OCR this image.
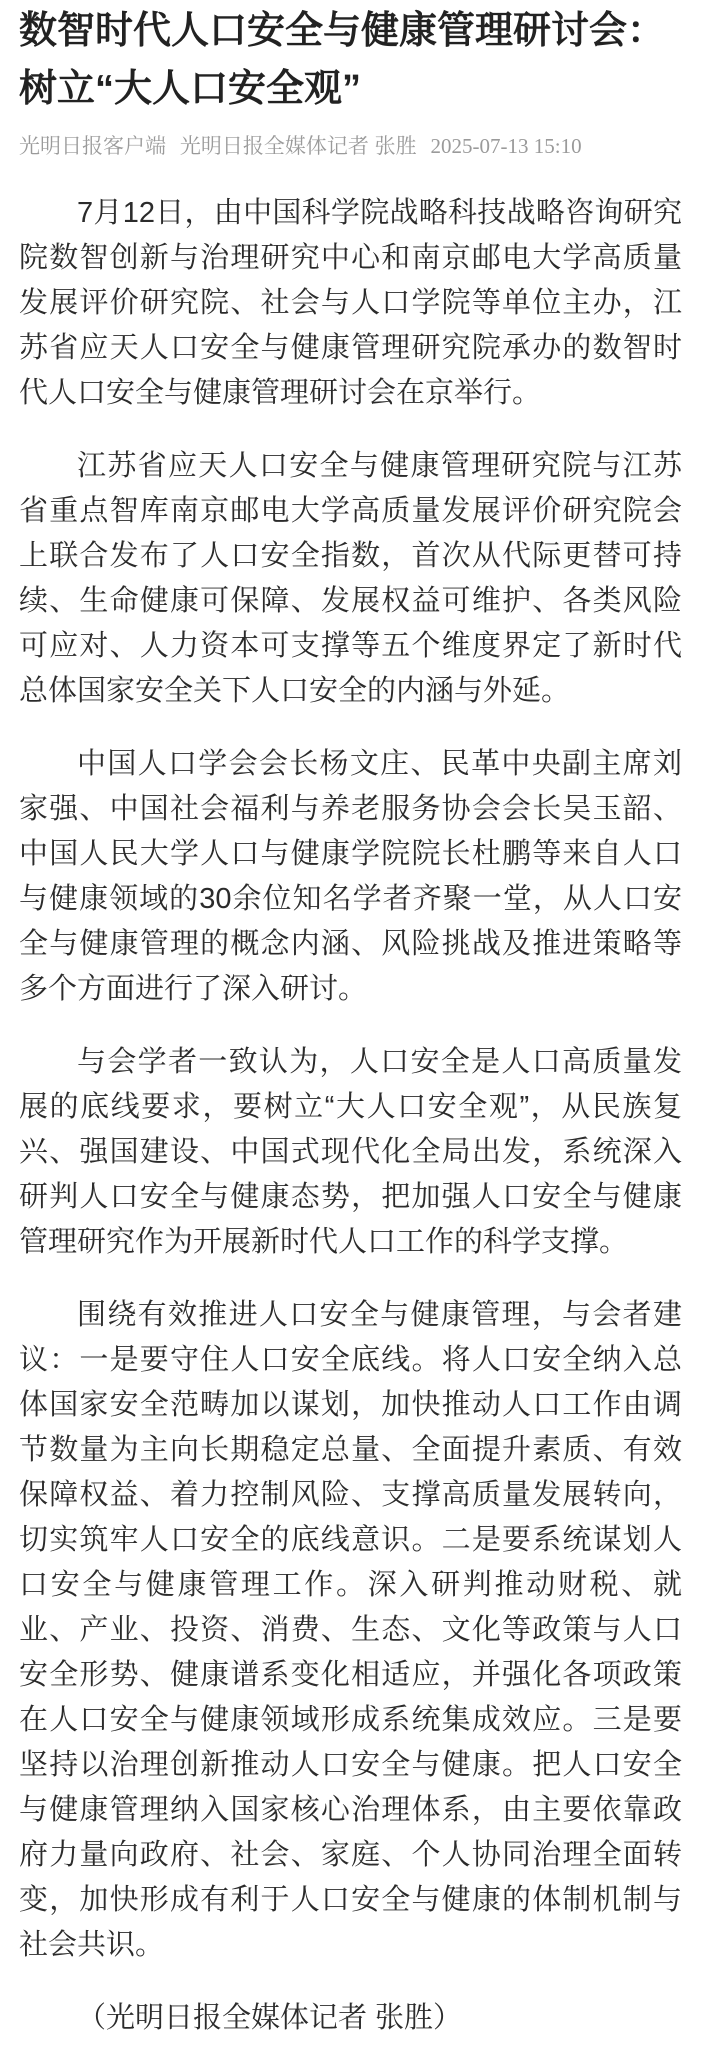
数智时代人口安全与健康管理研讨会：树立“大人口安全观”
光明日报客户端 光明日报全媒体记者 张胜 2025-07-13 15:10

7月12日，由中国科学院战略科技战略咨询研究院数智创新与治理研究中心和南京邮电大学高质量发展评价研究院、社会与人口学院等单位主办，江苏省应天人口安全与健康管理研究院承办的数智时代人口安全与健康管理研讨会在京举行。

江苏省应天人口安全与健康管理研究院与江苏省重点智库南京邮电大学高质量发展评价研究院会上联合发布了人口安全指数，首次从代际更替可持续、生命健康可保障、发展权益可维护、各类风险可应对、人力资本可支撑等五个维度界定了新时代总体国家安全关下人口安全的内涵与外延。

中国人口学会会长杨文庄、民革中央副主席刘家强、中国社会福利与养老服务协会会长吴玉韶、中国人民大学人口与健康学院院长杜鹏等来自人口与健康领域的30余位知名学者齐聚一堂，从人口安全与健康管理的概念内涵、风险挑战及推进策略等多个方面进行了深入研讨。

与会学者一致认为，人口安全是人口高质量发展的底线要求，要树立“大人口安全观”，从民族复兴、强国建设、中国式现代化全局出发，系统深入研判人口安全与健康态势，把加强人口安全与健康管理研究作为开展新时代人口工作的科学支撑。

围绕有效推进人口安全与健康管理，与会者建议：一是要守住人口安全底线。将人口安全纳入总体国家安全范畴加以谋划，加快推动人口工作由调节数量为主向长期稳定总量、全面提升素质、有效保障权益、着力控制风险、支撑高质量发展转向，切实筑牢人口安全的底线意识。二是要系统谋划人口安全与健康管理工作。深入研判推动财税、就业、产业、投资、消费、生态、文化等政策与人口安全形势、健康谱系变化相适应，并强化各项政策在人口安全与健康领域形成系统集成效应。三是要坚持以治理创新推动人口安全与健康。把人口安全与健康管理纳入国家核心治理体系，由主要依靠政府力量向政府、社会、家庭、个人协同治理全面转变，加快形成有利于人口安全与健康的体制机制与社会共识。

（光明日报全媒体记者 张胜）
